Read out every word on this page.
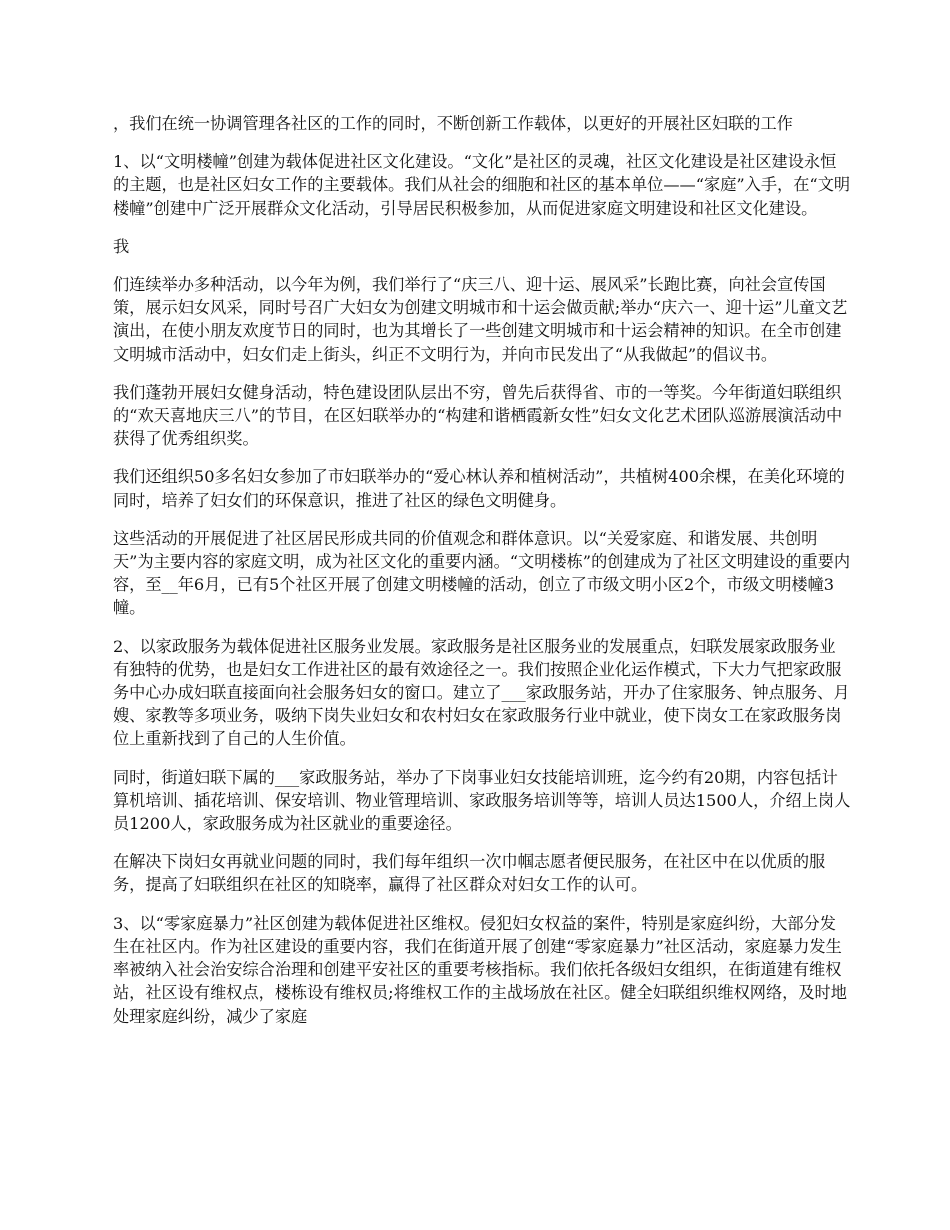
，我们在统一协调管理各社区的工作的同时，不断创新工作载体，以更好的开展社区妇联的工作

1、以“文明楼幢”创建为载体促进社区文化建设。“文化”是社区的灵魂，社区文化建设是社区建设永恒的主题，也是社区妇女工作的主要载体。我们从社会的细胞和社区的基本单位——“家庭”入手，在“文明楼幢”创建中广泛开展群众文化活动，引导居民积极参加，从而促进家庭文明建设和社区文化建设。

我

们连续举办多种活动，以今年为例，我们举行了“庆三八、迎十运、展风采”长跑比赛，向社会宣传国策，展示妇女风采，同时号召广大妇女为创建文明城市和十运会做贡献;举办“庆六一、迎十运”儿童文艺演出，在使小朋友欢度节日的同时，也为其增长了一些创建文明城市和十运会精神的知识。在全市创建文明城市活动中，妇女们走上街头，纠正不文明行为，并向市民发出了“从我做起”的倡议书。

我们蓬勃开展妇女健身活动，特色建设团队层出不穷，曾先后获得省、市的一等奖。今年街道妇联组织的“欢天喜地庆三八”的节目，在区妇联举办的“构建和谐栖霞新女性”妇女文化艺术团队巡游展演活动中获得了优秀组织奖。

我们还组织50多名妇女参加了市妇联举办的“爱心林认养和植树活动”，共植树400余棵，在美化环境的同时，培养了妇女们的环保意识，推进了社区的绿色文明健身。

这些活动的开展促进了社区居民形成共同的价值观念和群体意识。以“关爱家庭、和谐发展、共创明天”为主要内容的家庭文明，成为社区文化的重要内涵。“文明楼栋”的创建成为了社区文明建设的重要内容，至__年6月，已有5个社区开展了创建文明楼幢的活动，创立了市级文明小区2个，市级文明楼幢3幢。

2、以家政服务为载体促进社区服务业发展。家政服务是社区服务业的发展重点，妇联发展家政服务业有独特的优势，也是妇女工作进社区的最有效途径之一。我们按照企业化运作模式，下大力气把家政服务中心办成妇联直接面向社会服务妇女的窗口。建立了___家政服务站，开办了住家服务、钟点服务、月嫂、家教等多项业务，吸纳下岗失业妇女和农村妇女在家政服务行业中就业，使下岗女工在家政服务岗位上重新找到了自己的人生价值。

同时，街道妇联下属的___家政服务站，举办了下岗事业妇女技能培训班，迄今约有20期，内容包括计算机培训、插花培训、保安培训、物业管理培训、家政服务培训等等，培训人员达1500人，介绍上岗人员1200人，家政服务成为社区就业的重要途径。

在解决下岗妇女再就业问题的同时，我们每年组织一次巾帼志愿者便民服务，在社区中在以优质的服务，提高了妇联组织在社区的知晓率，赢得了社区群众对妇女工作的认可。

3、以“零家庭暴力”社区创建为载体促进社区维权。侵犯妇女权益的案件，特别是家庭纠纷，大部分发生在社区内。作为社区建设的重要内容，我们在街道开展了创建“零家庭暴力”社区活动，家庭暴力发生率被纳入社会治安综合治理和创建平安社区的重要考核指标。我们依托各级妇女组织，在街道建有维权站，社区设有维权点，楼栋设有维权员;将维权工作的主战场放在社区。健全妇联组织维权网络，及时地处理家庭纠纷，减少了家庭
